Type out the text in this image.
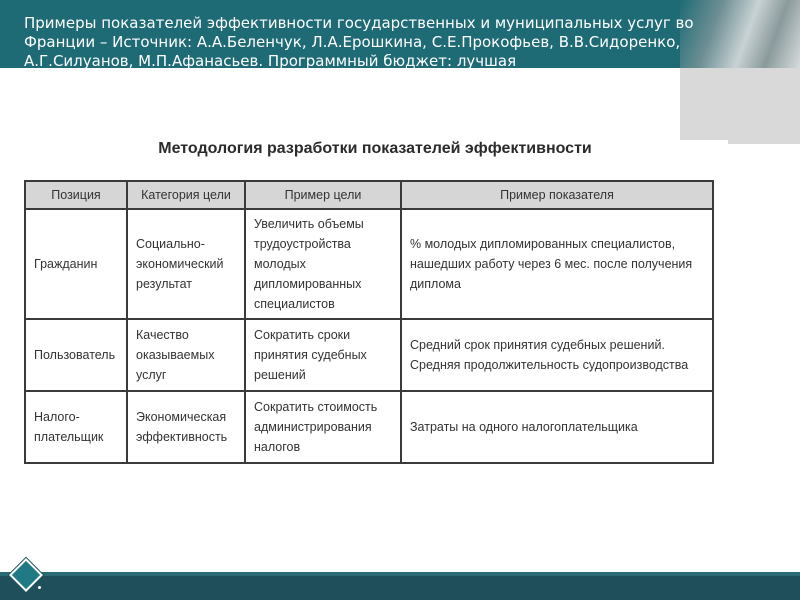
Примеры показателей эффективности государственных и муниципальных услуг во Франции – Источник: А.А.Беленчук, Л.А.Ерошкина, С.Е.Прокофьев, В.В.Сидоренко, А.Г.Силуанов, М.П.Афанасьев. Программный бюджет: лучшая

Методология разработки показателей эффективности

Позиция	Категория цели	Пример цели	Пример показателя
Гражданин	Социально-экономический результат	Увеличить объемы трудоустройства молодых дипломированных специалистов	% молодых дипломированных специалистов, нашедших работу через 6 мес. после получения диплома
Пользователь	Качество оказываемых услуг	Сократить сроки принятия судебных решений	Средний срок принятия судебных решений. Средняя продолжительность судопроизводства
Налого-плательщик	Экономическая эффективность	Сократить стоимость администрирования налогов	Затраты на одного налогоплательщика
